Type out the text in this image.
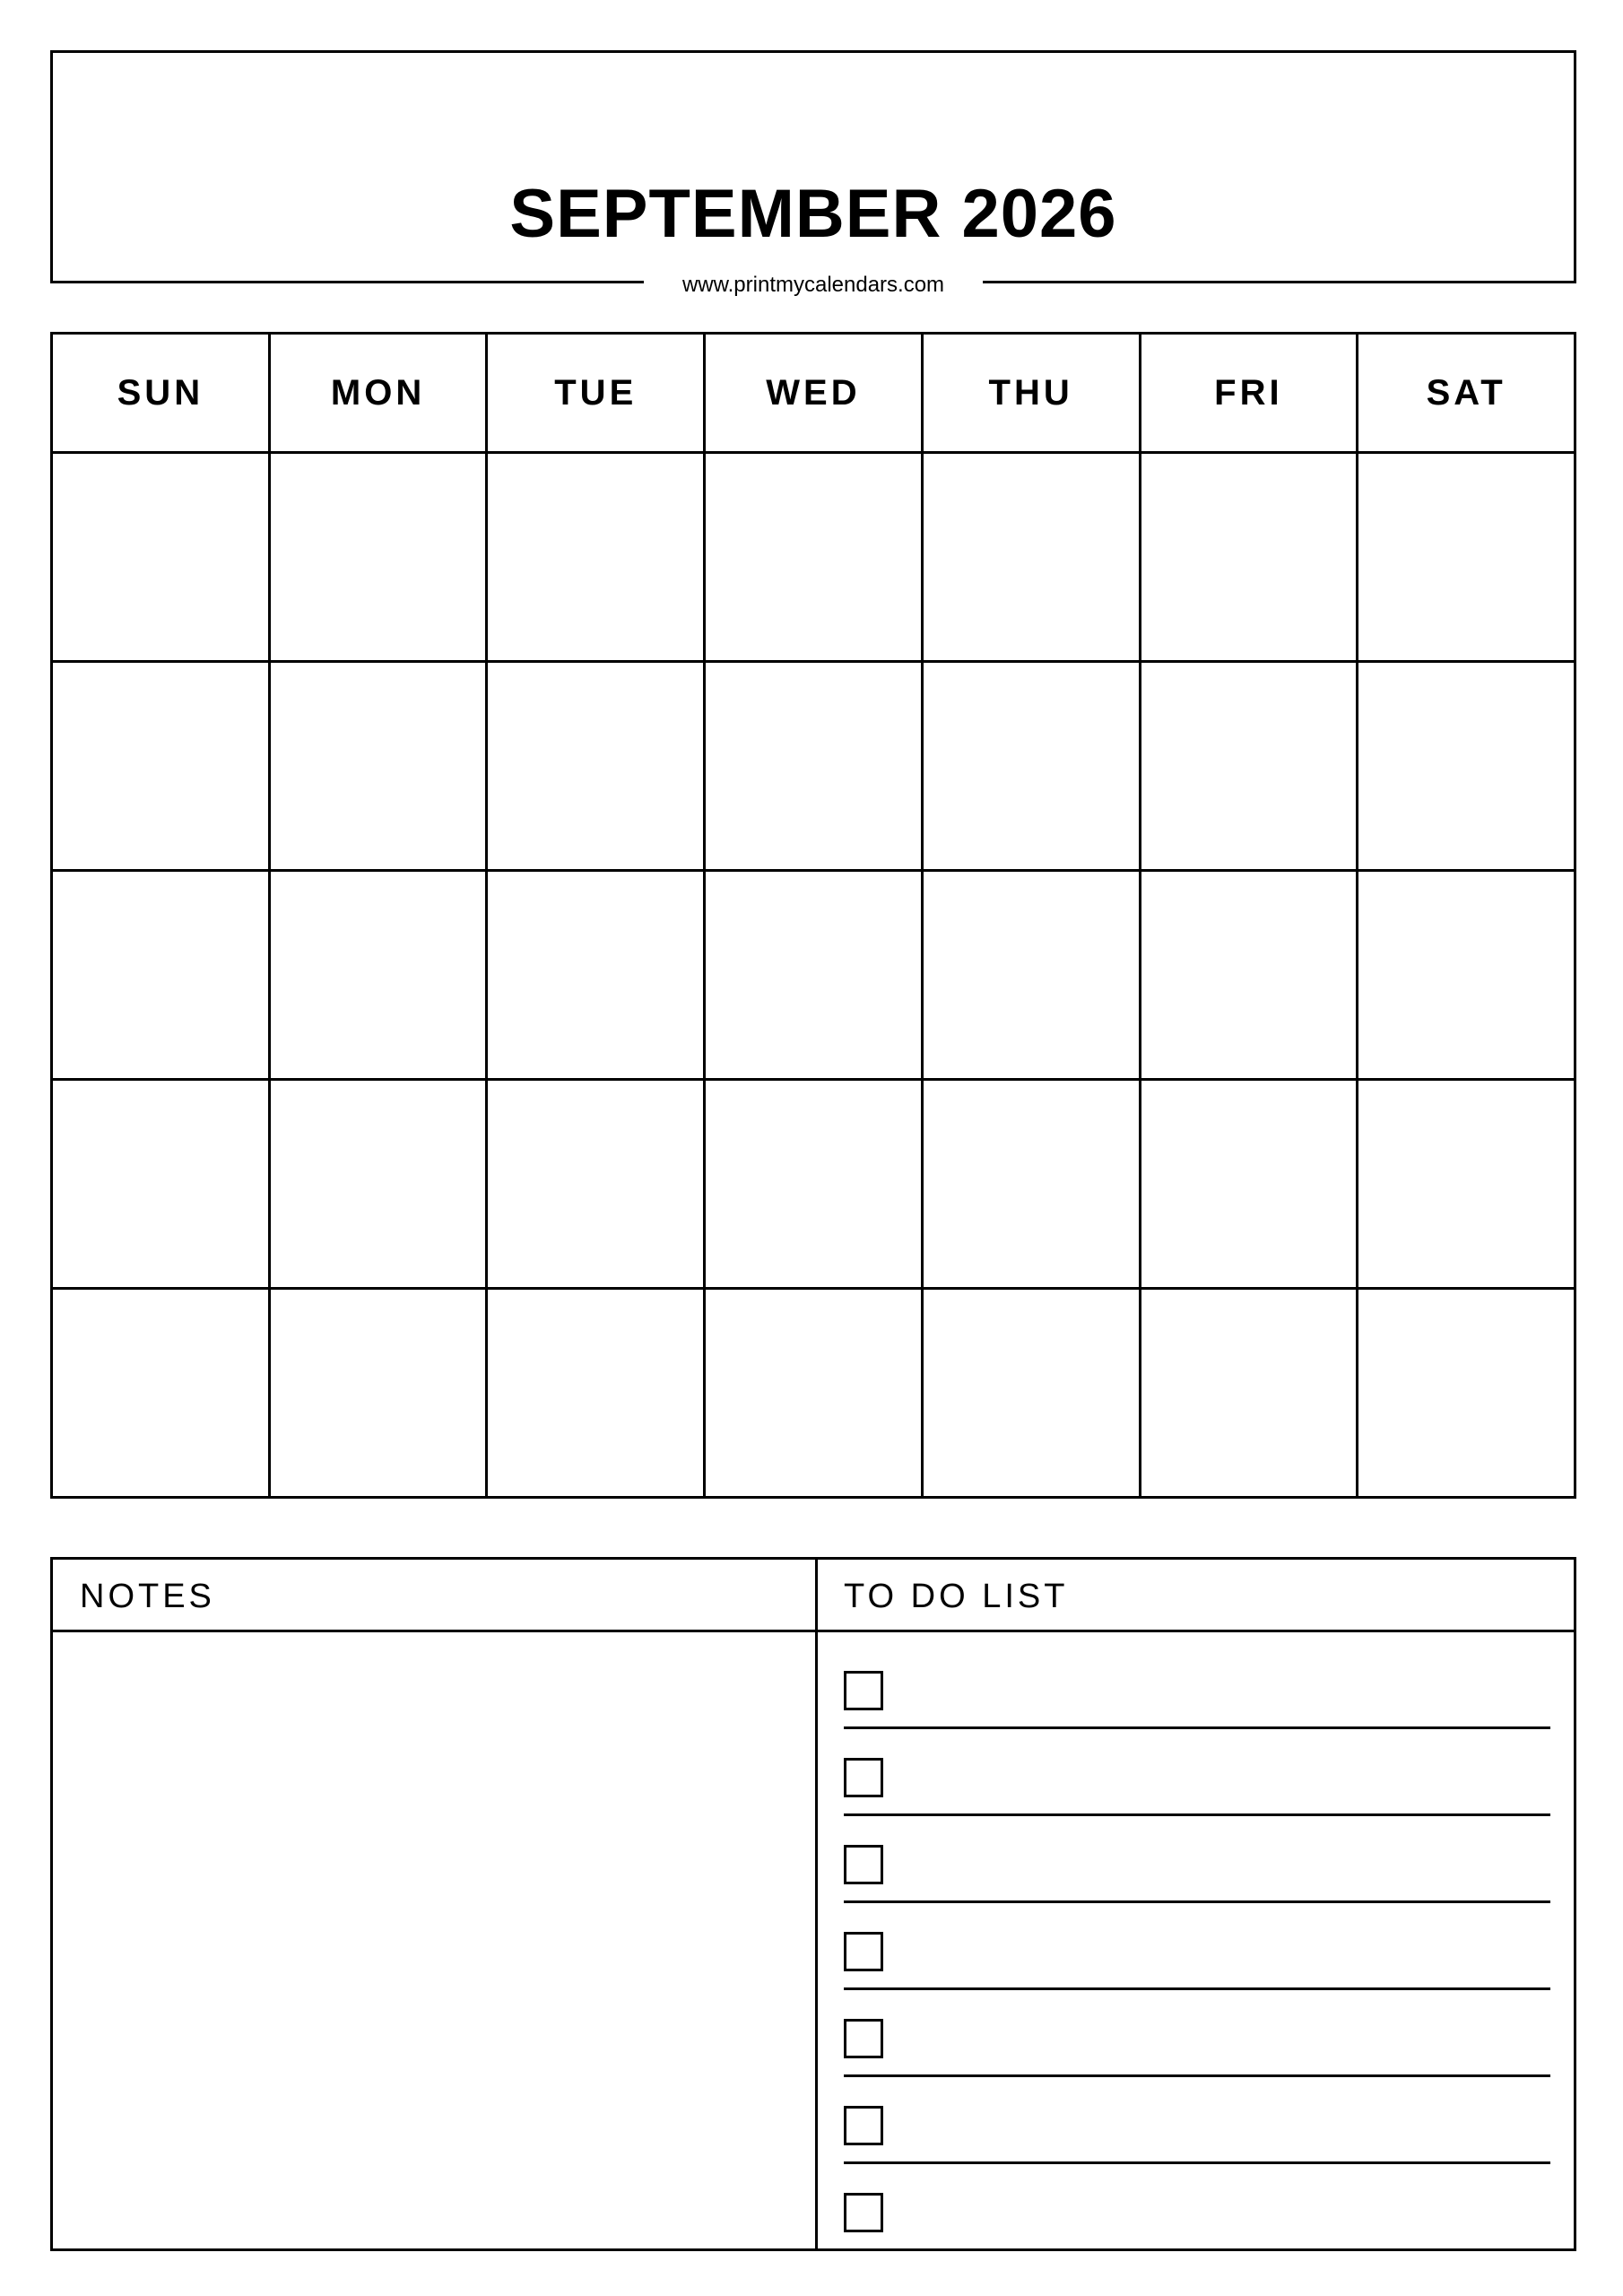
SEPTEMBER 2026
www.printmycalendars.com
SUN	MON	TUE	WED	THU	FRI	SAT

NOTES	TO DO LIST
